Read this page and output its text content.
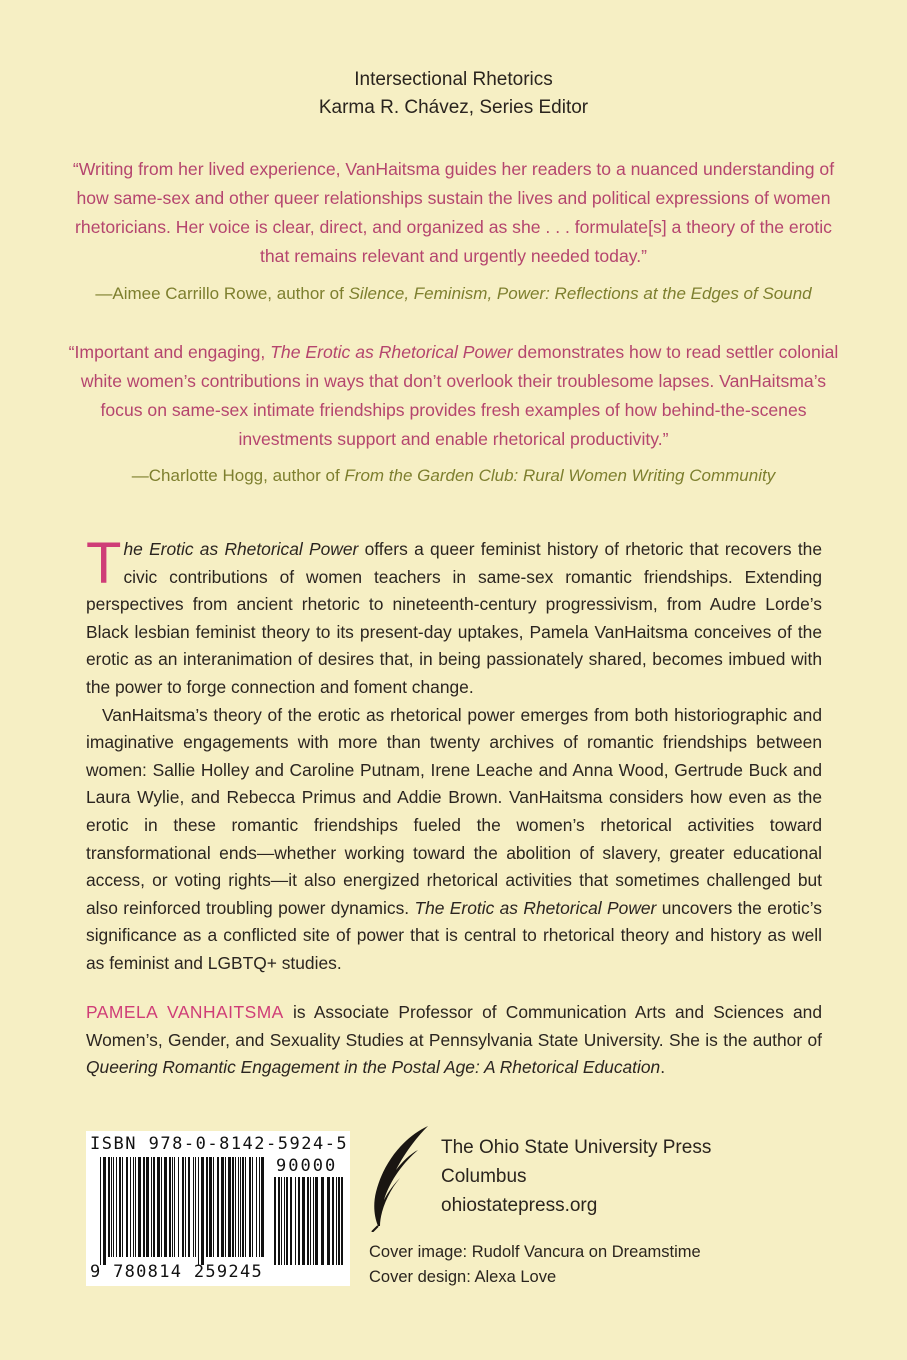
Intersectional Rhetorics
Karma R. Chávez, Series Editor
“Writing from her lived experience, VanHaitsma guides her readers to a nuanced understanding of how same-sex and other queer relationships sustain the lives and political expressions of women rhetoricians. Her voice is clear, direct, and organized as she . . . formulate[s] a theory of the erotic that remains relevant and urgently needed today.”
—Aimee Carrillo Rowe, author of Silence, Feminism, Power: Reflections at the Edges of Sound
“Important and engaging, The Erotic as Rhetorical Power demonstrates how to read settler colonial white women’s contributions in ways that don’t overlook their troublesome lapses. VanHaitsma’s focus on same-sex intimate friendships provides fresh examples of how behind-the-scenes investments support and enable rhetorical productivity.”
—Charlotte Hogg, author of From the Garden Club: Rural Women Writing Community

The Erotic as Rhetorical Power offers a queer feminist history of rhetoric that recovers the civic contributions of women teachers in same-sex romantic friendships. Extending perspectives from ancient rhetoric to nineteenth-century progressivism, from Audre Lorde’s Black lesbian feminist theory to its present-day uptakes, Pamela VanHaitsma conceives of the erotic as an interanimation of desires that, in being passionately shared, becomes imbued with the power to forge connection and foment change.

VanHaitsma’s theory of the erotic as rhetorical power emerges from both historiographic and imaginative engagements with more than twenty archives of romantic friendships between women: Sallie Holley and Caroline Putnam, Irene Leache and Anna Wood, Gertrude Buck and Laura Wylie, and Rebecca Primus and Addie Brown. VanHaitsma considers how even as the erotic in these romantic friendships fueled the women’s rhetorical activities toward transformational ends—whether working toward the abolition of slavery, greater educational access, or voting rights—it also energized rhetorical activities that sometimes challenged but also reinforced troubling power dynamics. The Erotic as Rhetorical Power uncovers the erotic’s significance as a conflicted site of power that is central to rhetorical theory and history as well as feminist and LGBTQ+ studies.

PAMELA VANHAITSMA is Associate Professor of Communication Arts and Sciences and Women’s, Gender, and Sexuality Studies at Pennsylvania State University. She is the author of Queering Romantic Engagement in the Postal Age: A Rhetorical Education.

ISBN 978-0-8142-5924-5
90000
9 780814 259245
The Ohio State University Press
Columbus
ohiostatepress.org
Cover image: Rudolf Vancura on Dreamstime
Cover design: Alexa Love
